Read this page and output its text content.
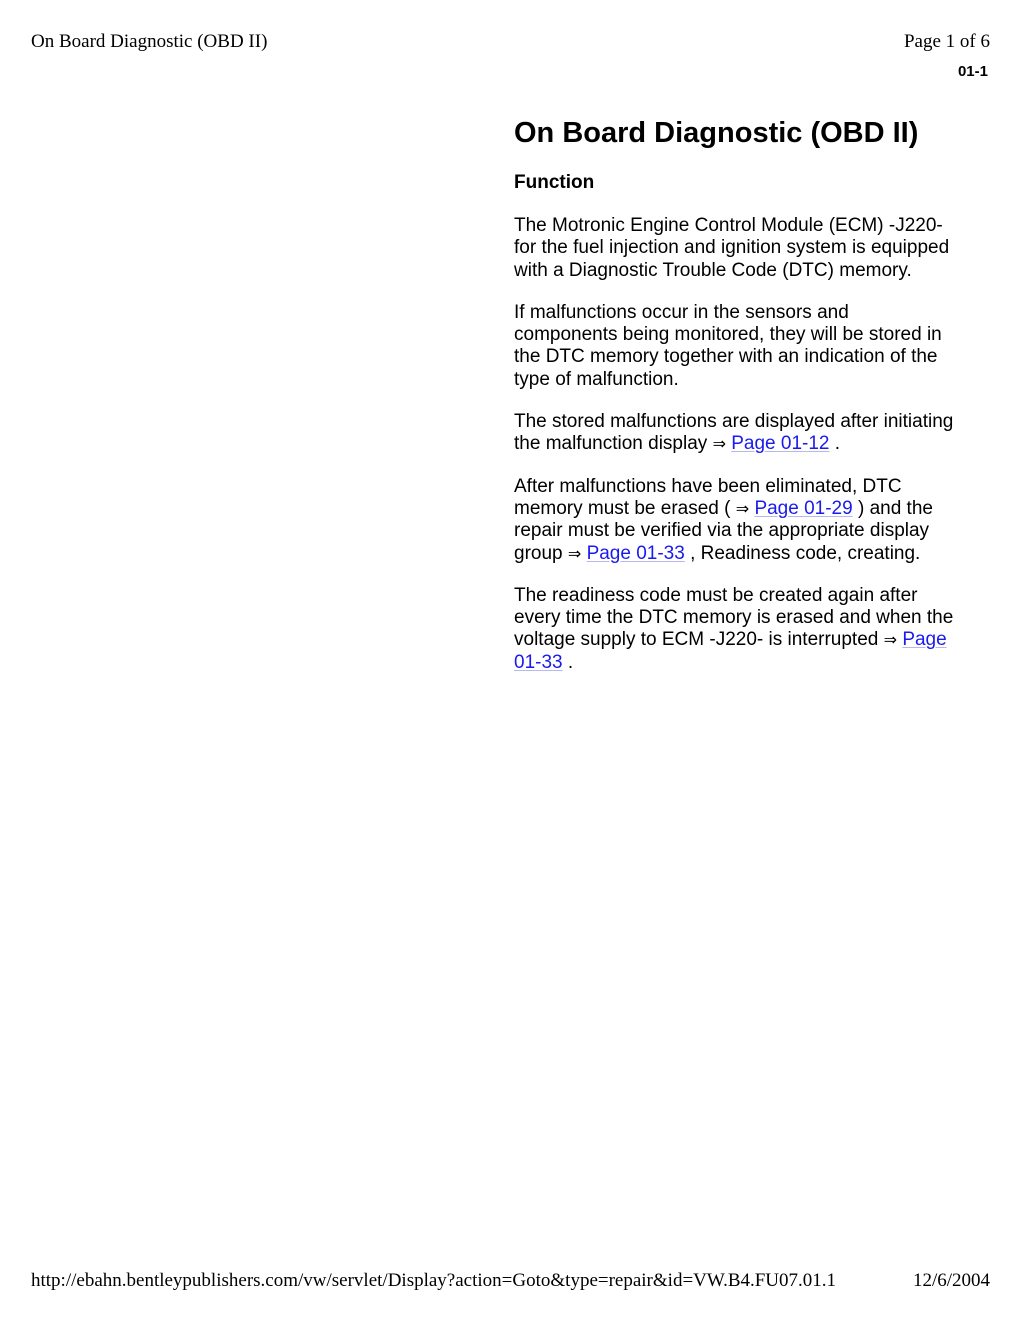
On Board Diagnostic (OBD II)	Page 1 of 6
01-1
On Board Diagnostic (OBD II)
Function

The Motronic Engine Control Module (ECM) -J220- for the fuel injection and ignition system is equipped with a Diagnostic Trouble Code (DTC) memory.

If malfunctions occur in the sensors and components being monitored, they will be stored in the DTC memory together with an indication of the type of malfunction.

The stored malfunctions are displayed after initiating the malfunction display ⇒ Page 01-12 .

After malfunctions have been eliminated, DTC memory must be erased ( ⇒ Page 01-29 ) and the repair must be verified via the appropriate display group ⇒ Page 01-33 , Readiness code, creating.

The readiness code must be created again after every time the DTC memory is erased and when the voltage supply to ECM -J220- is interrupted ⇒ Page 01-33 .

http://ebahn.bentleypublishers.com/vw/servlet/Display?action=Goto&type=repair&id=VW.B4.FU07.01.1	12/6/2004
